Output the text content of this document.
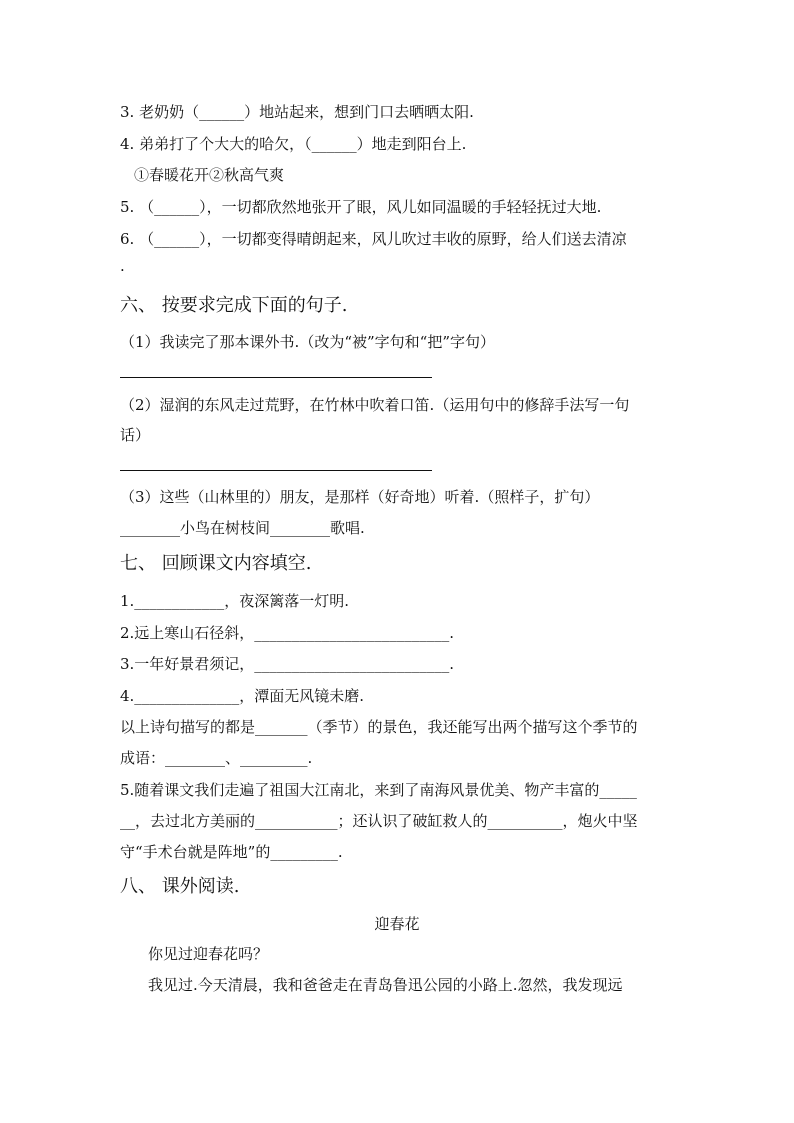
3. 老奶奶（______）地站起来，想到门口去晒晒太阳.
4. 弟弟打了个大大的哈欠，（______）地走到阳台上.
①春暖花开②秋高气爽
5. （______），一切都欣然地张开了眼，风儿如同温暖的手轻轻抚过大地.
6. （______），一切都变得晴朗起来，风儿吹过丰收的原野，给人们送去清凉
.
六、 按要求完成下面的句子.
（1）我读完了那本课外书.（改为“被”字句和“把”字句）
（2）湿润的东风走过荒野，在竹林中吹着口笛.（运用句中的修辞手法写一句
话）
（3）这些（山林里的）朋友，是那样（好奇地）听着.（照样子，扩句）
________小鸟在树枝间________歌唱.
七、 回顾课文内容填空.
1.____________，夜深篱落一灯明.
2.远上寒山石径斜，__________________________.
3.一年好景君须记，__________________________.
4.______________，潭面无风镜未磨.
以上诗句描写的都是_______（季节）的景色，我还能写出两个描写这个季节的
成语：________、_________.
5.随着课文我们走遍了祖国大江南北，来到了南海风景优美、物产丰富的_____
__，去过北方美丽的___________；还认识了破缸救人的__________，炮火中坚
守“手术台就是阵地”的_________.
八、 课外阅读.
迎春花
你见过迎春花吗？
我见过.今天清晨，我和爸爸走在青岛鲁迅公园的小路上.忽然，我发现远
